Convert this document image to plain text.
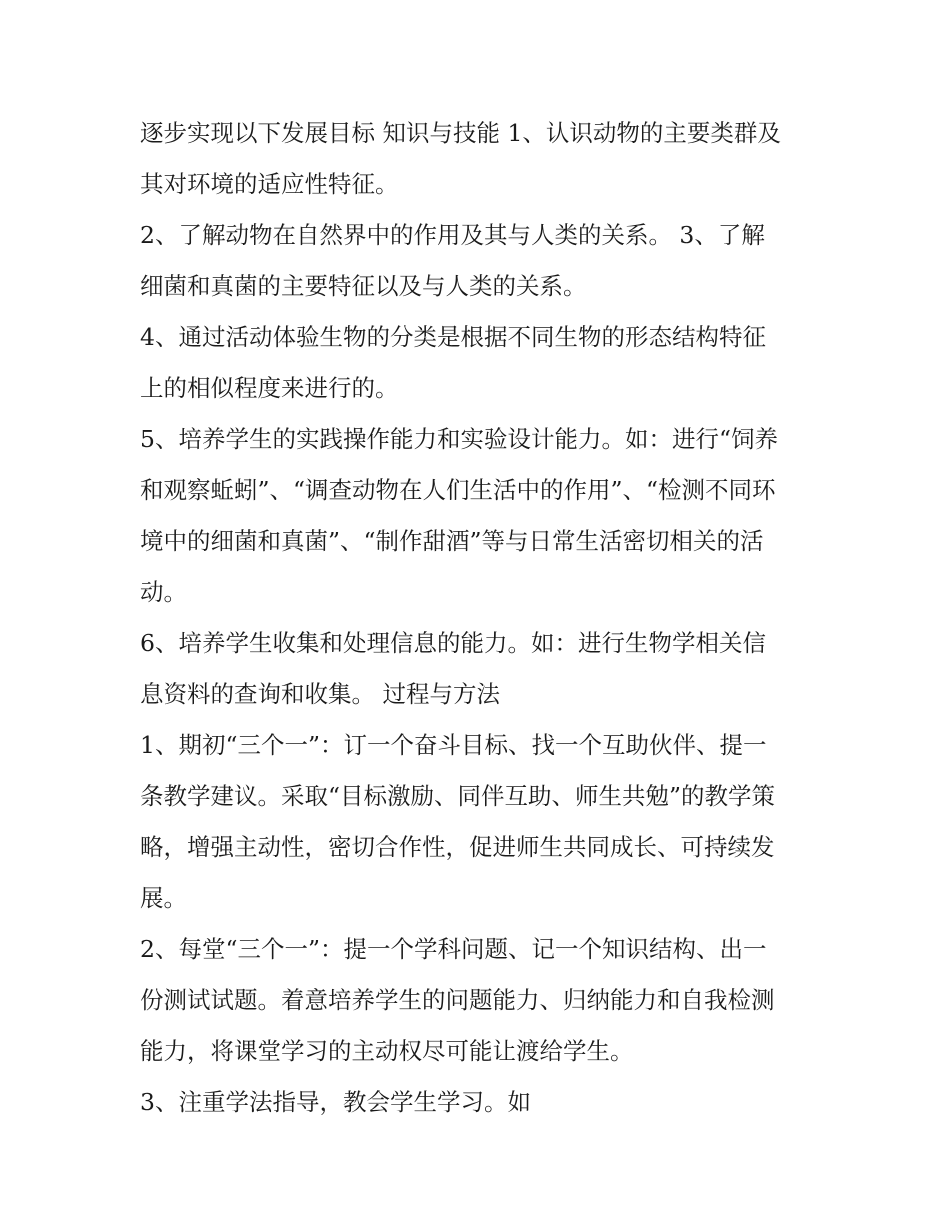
逐步实现以下发展目标 知识与技能 1、认识动物的主要类群及
其对环境的适应性特征。

2、了解动物在自然界中的作用及其与人类的关系。 3、了解
细菌和真菌的主要特征以及与人类的关系。

4、通过活动体验生物的分类是根据不同生物的形态结构特征
上的相似程度来进行的。

5、培养学生的实践操作能力和实验设计能力。如：进行“饲养
和观察蚯蚓”、“调查动物在人们生活中的作用”、“检测不同环
境中的细菌和真菌”、“制作甜酒”等与日常生活密切相关的活
动。

6、培养学生收集和处理信息的能力。如：进行生物学相关信
息资料的查询和收集。 过程与方法

1、期初“三个一”：订一个奋斗目标、找一个互助伙伴、提一
条教学建议。采取“目标激励、同伴互助、师生共勉”的教学策
略，增强主动性，密切合作性，促进师生共同成长、可持续发
展。

2、每堂“三个一”：提一个学科问题、记一个知识结构、出一
份测试试题。着意培养学生的问题能力、归纳能力和自我检测
能力，将课堂学习的主动权尽可能让渡给学生。

3、注重学法指导，教会学生学习。如
